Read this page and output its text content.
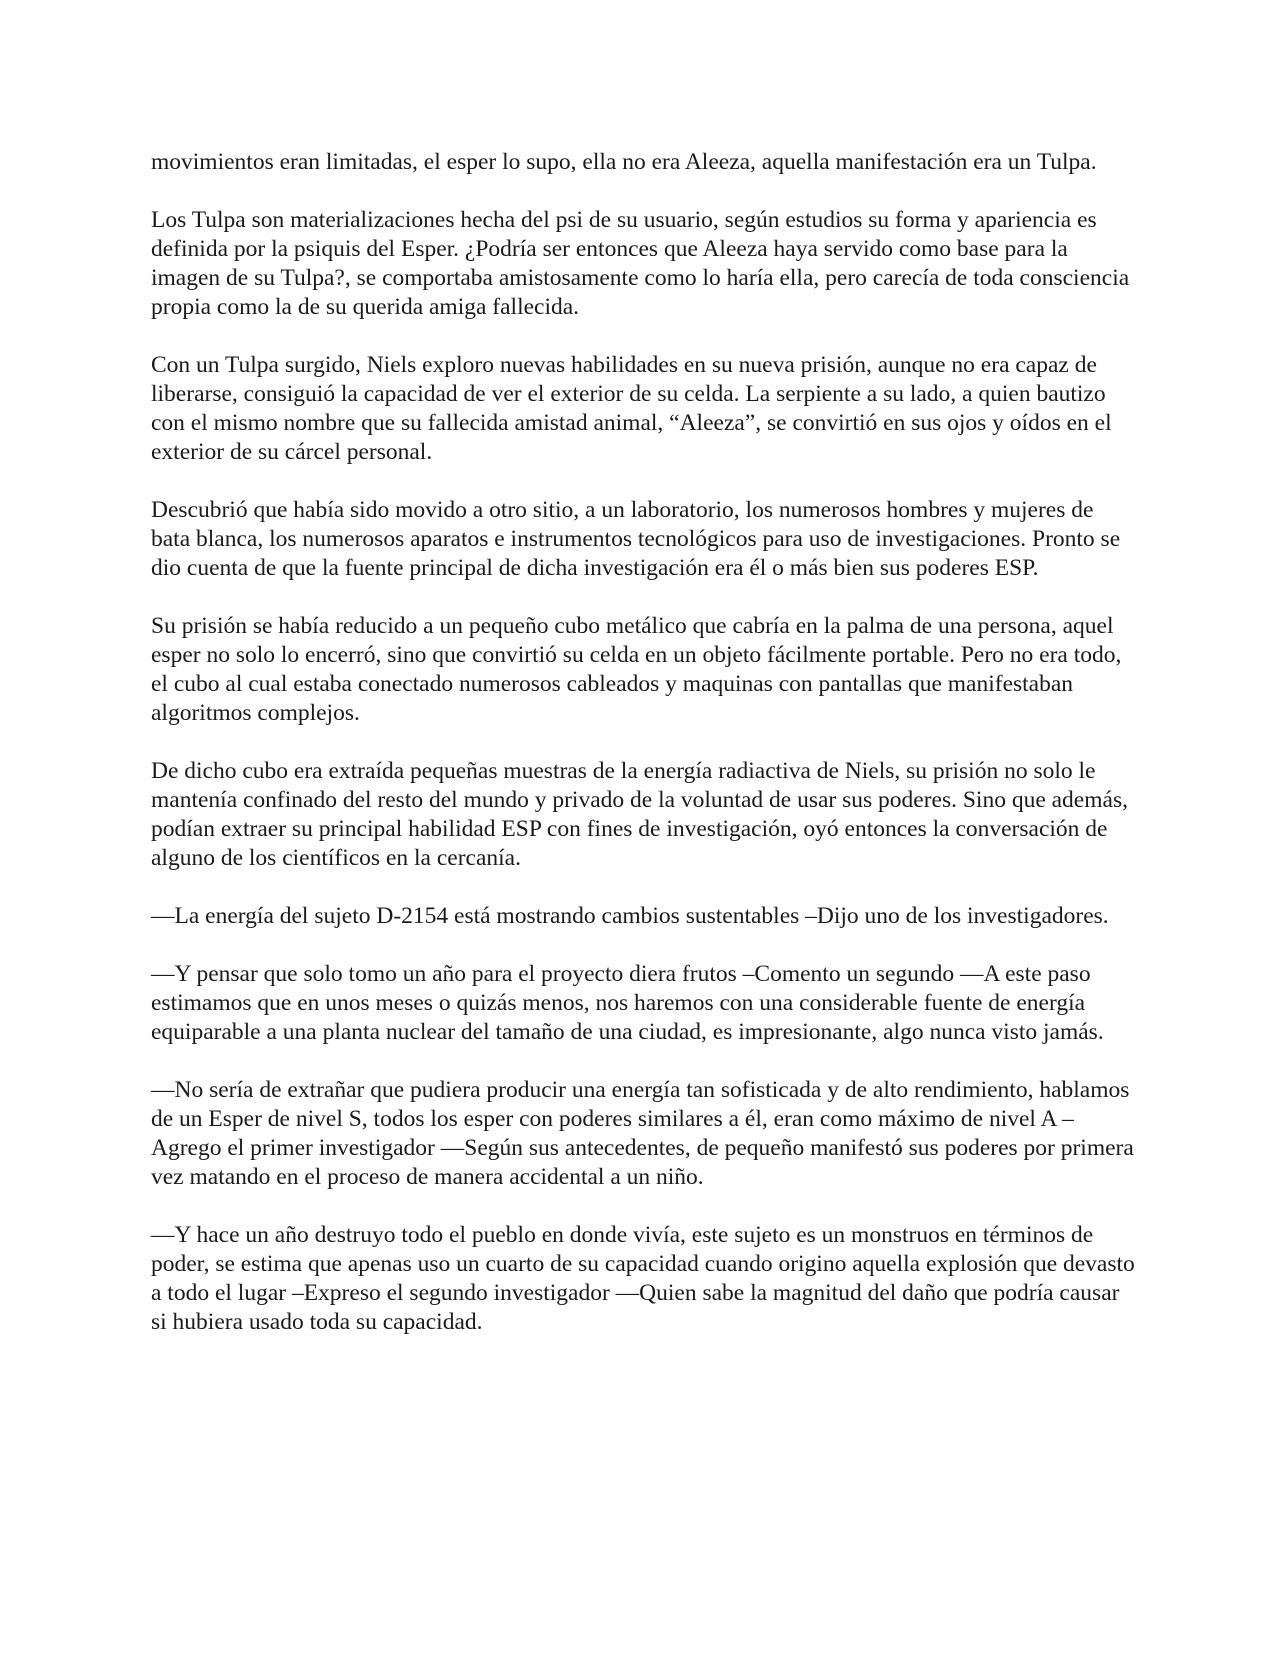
movimientos eran limitadas, el esper lo supo, ella no era Aleeza, aquella manifestación era un Tulpa.

Los Tulpa son materializaciones hecha del psi de su usuario, según estudios su forma y apariencia es definida por la psiquis del Esper. ¿Podría ser entonces que Aleeza haya servido como base para la imagen de su Tulpa?, se comportaba amistosamente como lo haría ella, pero carecía de toda consciencia propia como la de su querida amiga fallecida.

Con un Tulpa surgido, Niels exploro nuevas habilidades en su nueva prisión, aunque no era capaz de liberarse, consiguió la capacidad de ver el exterior de su celda. La serpiente a su lado, a quien bautizo con el mismo nombre que su fallecida amistad animal, “Aleeza”, se convirtió en sus ojos y oídos en el exterior de su cárcel personal.

Descubrió que había sido movido a otro sitio, a un laboratorio, los numerosos hombres y mujeres de bata blanca, los numerosos aparatos e instrumentos tecnológicos para uso de investigaciones. Pronto se dio cuenta de que la fuente principal de dicha investigación era él o más bien sus poderes ESP.

Su prisión se había reducido a un pequeño cubo metálico que cabría en la palma de una persona, aquel esper no solo lo encerró, sino que convirtió su celda en un objeto fácilmente portable. Pero no era todo, el cubo al cual estaba conectado numerosos cableados y maquinas con pantallas que manifestaban algoritmos complejos.

De dicho cubo era extraída pequeñas muestras de la energía radiactiva de Niels, su prisión no solo le mantenía confinado del resto del mundo y privado de la voluntad de usar sus poderes. Sino que además, podían extraer su principal habilidad ESP con fines de investigación, oyó entonces la conversación de alguno de los científicos en la cercanía.

—La energía del sujeto D-2154 está mostrando cambios sustentables –Dijo uno de los investigadores.

—Y pensar que solo tomo un año para el proyecto diera frutos –Comento un segundo —A este paso estimamos que en unos meses o quizás menos, nos haremos con una considerable fuente de energía equiparable a una planta nuclear del tamaño de una ciudad, es impresionante, algo nunca visto jamás.

—No sería de extrañar que pudiera producir una energía tan sofisticada y de alto rendimiento, hablamos de un Esper de nivel S, todos los esper con poderes similares a él, eran como máximo de nivel A –Agrego el primer investigador —Según sus antecedentes, de pequeño manifestó sus poderes por primera vez matando en el proceso de manera accidental a un niño.

—Y hace un año destruyo todo el pueblo en donde vivía, este sujeto es un monstruos en términos de poder, se estima que apenas uso un cuarto de su capacidad cuando origino aquella explosión que devasto a todo el lugar –Expreso el segundo investigador —Quien sabe la magnitud del daño que podría causar si hubiera usado toda su capacidad.
